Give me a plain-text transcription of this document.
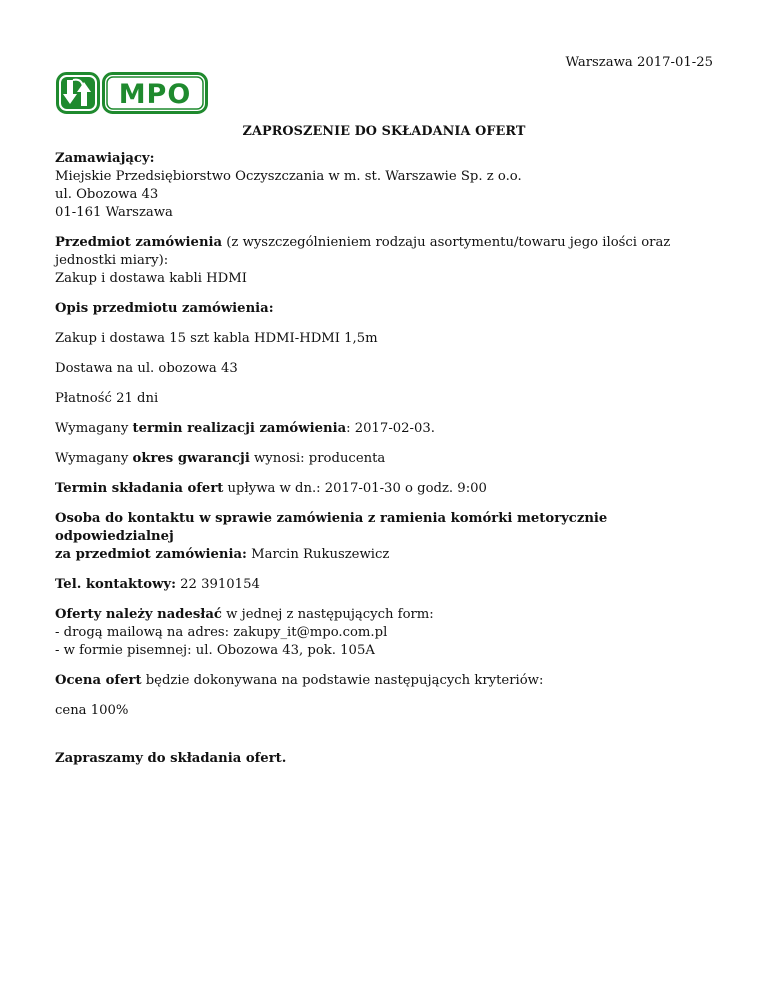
Warszawa 2017-01-25
MPO
ZAPROSZENIE DO SKŁADANIA OFERT
Zamawiający:
Miejskie Przedsiębiorstwo Oczyszczania w m. st. Warszawie Sp. z o.o.
ul. Obozowa 43
01-161 Warszawa
Przedmiot zamówienia (z wyszczególnieniem rodzaju asortymentu/towaru jego ilości oraz
jednostki miary):
Zakup i dostawa kabli HDMI
Opis przedmiotu zamówienia:
Zakup i dostawa 15 szt kabla HDMI-HDMI 1,5m
Dostawa na ul. obozowa 43
Płatność 21 dni
Wymagany termin realizacji zamówienia: 2017-02-03.
Wymagany okres gwarancji wynosi: producenta
Termin składania ofert upływa w dn.: 2017-01-30 o godz. 9:00
Osoba do kontaktu w sprawie zamówienia z ramienia komórki metorycznie odpowiedzialnej
za przedmiot zamówienia: Marcin Rukuszewicz
Tel. kontaktowy: 22 3910154
Oferty należy nadesłać w jednej z następujących form:
- drogą mailową na adres: zakupy_it@mpo.com.pl
- w formie pisemnej: ul. Obozowa 43, pok. 105A
Ocena ofert będzie dokonywana na podstawie następujących kryteriów:
cena 100%
Zapraszamy do składania ofert.
